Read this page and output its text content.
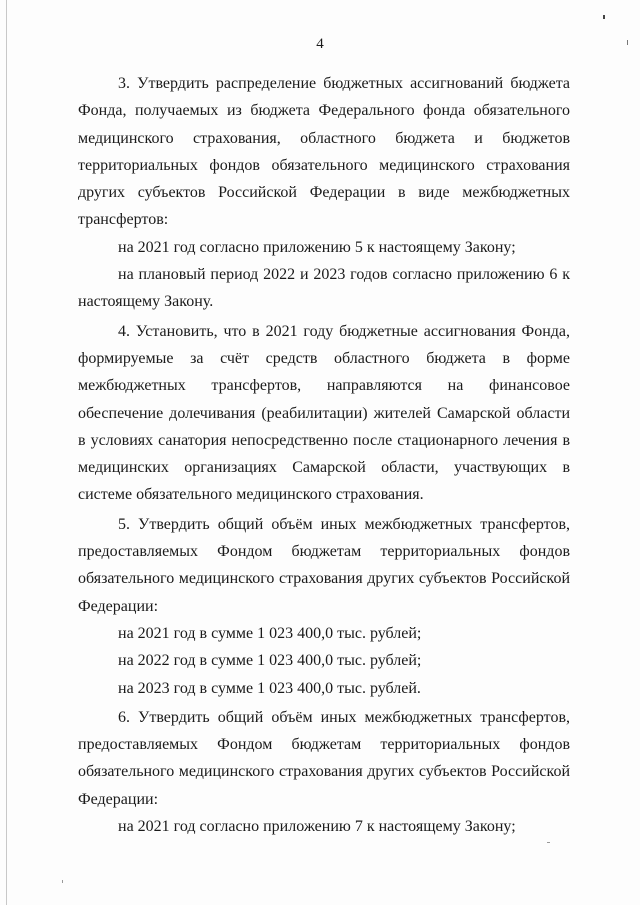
4

3. Утвердить распределение бюджетных ассигнований бюджета Фонда, получаемых из бюджета Федерального фонда обязательного медицинского страхования, областного бюджета и бюджетов территориальных фондов обязательного медицинского страхования других субъектов Российской Федерации в виде межбюджетных трансфертов:

на 2021 год согласно приложению 5 к настоящему Закону;

на плановый период 2022 и 2023 годов согласно приложению 6 к настоящему Закону.

4. Установить, что в 2021 году бюджетные ассигнования Фонда, формируемые за счёт средств областного бюджета в форме межбюджетных трансфертов, направляются на финансовое обеспечение долечивания (реабилитации) жителей Самарской области в условиях санатория непосредственно после стационарного лечения в медицинских организациях Самарской области, участвующих в системе обязательного медицинского страхования.

5. Утвердить общий объём иных межбюджетных трансфертов, предоставляемых Фондом бюджетам территориальных фондов обязательного медицинского страхования других субъектов Российской Федерации:

на 2021 год в сумме 1 023 400,0 тыс. рублей;

на 2022 год в сумме 1 023 400,0 тыс. рублей;

на 2023 год в сумме 1 023 400,0 тыс. рублей.

6. Утвердить общий объём иных межбюджетных трансфертов, предоставляемых Фондом бюджетам территориальных фондов обязательного медицинского страхования других субъектов Российской Федерации:

на 2021 год согласно приложению 7 к настоящему Закону;
